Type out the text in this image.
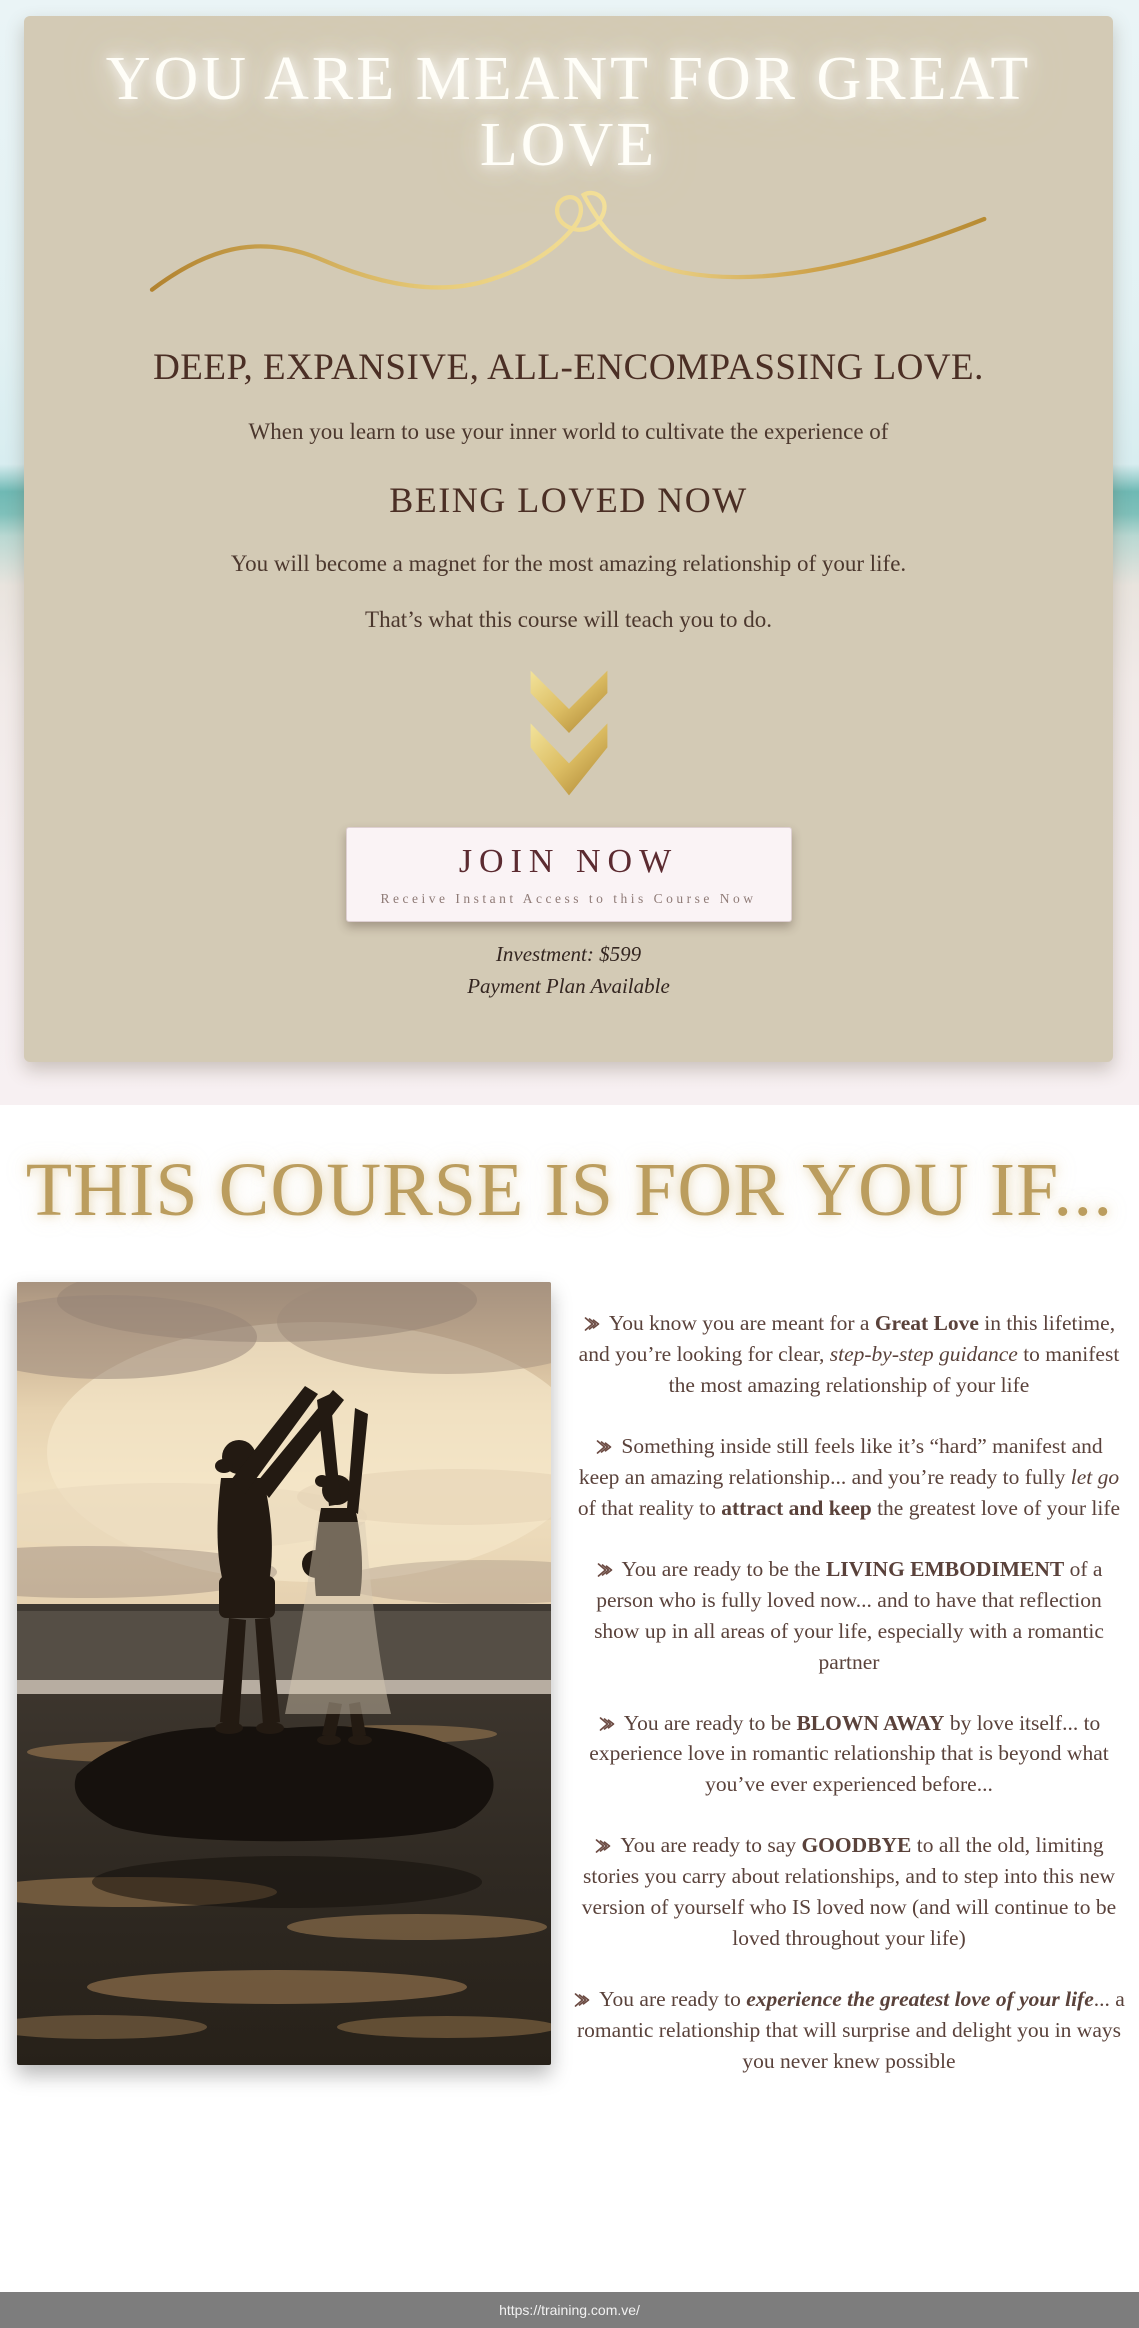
YOU ARE MEANT FOR GREAT
LOVE
DEEP, EXPANSIVE, ALL-ENCOMPASSING LOVE.

When you learn to use your inner world to cultivate the experience of

BEING LOVED NOW

You will become a magnet for the most amazing relationship of your life.

That’s what this course will teach you to do.

JOIN NOW
Receive Instant Access to this Course Now

Investment: $599

Payment Plan Available

THIS COURSE IS FOR YOU IF...

You know you are meant for a Great Love in this lifetime, and you’re looking for clear, step-by-step guidance to manifest the most amazing relationship of your life

Something inside still feels like it’s “hard” manifest and keep an amazing relationship... and you’re ready to fully let go of that reality to attract and keep the greatest love of your life

You are ready to be the LIVING EMBODIMENT of a person who is fully loved now... and to have that reflection show up in all areas of your life, especially with a romantic partner

You are ready to be BLOWN AWAY by love itself... to experience love in romantic relationship that is beyond what you’ve ever experienced before...

You are ready to say GOODBYE to all the old, limiting stories you carry about relationships, and to step into this new version of yourself who IS loved now (and will continue to be loved throughout your life)

You are ready to experience the greatest love of your life... a romantic relationship that will surprise and delight you in ways you never knew possible

https://training.com.ve/
